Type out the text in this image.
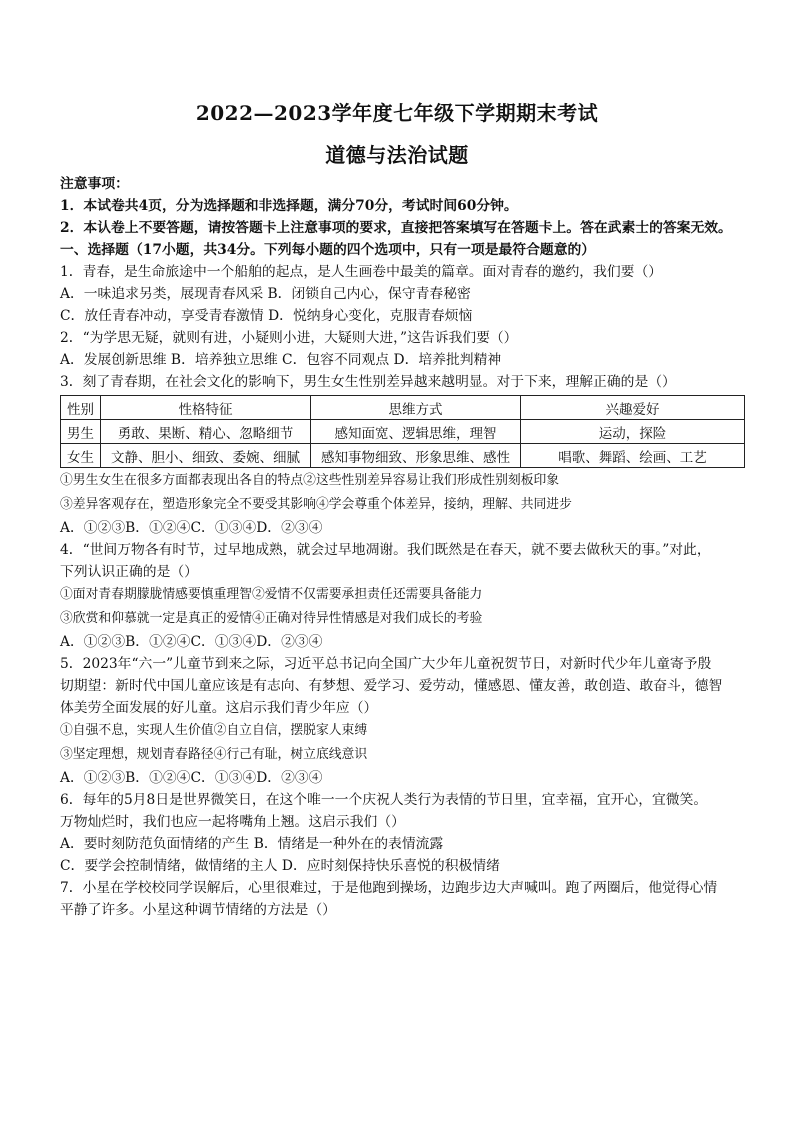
2022—2023学年度七年级下学期期末考试
道德与法治试题
注意事项：
1．本试卷共4页，分为选择题和非选择题，满分70分，考试时间60分钟。
2．本认卷上不要答题，请按答题卡上注意事项的要求，直接把答案填写在答题卡上。答在武素士的答案无效。
一、选择题（17小题，共34分。下列每小题的四个选项中，只有一项是最符合题意的）
1．青春，是生命旅途中一个船舶的起点，是人生画卷中最美的篇章。面对青春的邀约，我们要（）
A．一味追求另类，展现青春风采 B．闭锁自己内心，保守青春秘密
C．放任青春冲动，享受青春激情 D．悦纳身心变化，克服青春烦恼
2．“为学思无疑，就则有进，小疑则小进，大疑则大进，”这告诉我们要（）
A．发展创新思维 B．培养独立思维 C．包容不同观点 D．培养批判精神
3．刻了青春期，在社会文化的影响下，男生女生性别差异越来越明显。对于下来，理解正确的是（）
性别	性格特征	思维方式	兴趣爱好
男生	勇敢、果断、精心、忽略细节	感知面宽、逻辑思维，理智	运动，探险
女生	文静、胆小、细致、委婉、细腻	感知事物细致、形象思维、感性	唱歌、舞蹈、绘画、工艺
①男生女生在很多方面都表现出各自的特点②这些性别差异容易让我们形成性别刻板印象
③差异客观存在，塑造形象完全不要受其影响④学会尊重个体差异，接纳，理解、共同进步
A．①②③B．①②④C．①③④D．②③④
4．“世间万物各有时节，过早地成熟，就会过早地凋谢。我们既然是在春天，就不要去做秋天的事。”对此，
下列认识正确的是（）
①面对青春期朦胧情感要慎重理智②爱情不仅需要承担责任还需要具备能力
③欣赏和仰慕就一定是真正的爱情④正确对待异性情感是对我们成长的考验
A．①②③B．①②④C．①③④D．②③④
5．2023年“六一”儿童节到来之际，习近平总书记向全国广大少年儿童祝贺节日，对新时代少年儿童寄予殷
切期望：新时代中国儿童应该是有志向、有梦想、爱学习、爱劳动，懂感恩、懂友善，敢创造、敢奋斗，德智
体美劳全面发展的好儿童。这启示我们青少年应（）
①自强不息，实现人生价值②自立自信，摆脱家人束缚
③坚定理想，规划青春路径④行己有耻，树立底线意识
A．①②③B．①②④C．①③④D．②③④
6．每年的5月8日是世界微笑日，在这个唯一一个庆祝人类行为表情的节日里，宜幸福，宜开心，宜微笑。
万物灿烂时，我们也应一起将嘴角上翘。这启示我们（）
A．要时刻防范负面情绪的产生 B．情绪是一种外在的表情流露
C．要学会控制情绪，做情绪的主人 D．应时刻保持快乐喜悦的积极情绪
7．小星在学校校同学误解后，心里很难过，于是他跑到操场，边跑步边大声喊叫。跑了两圈后，他觉得心情
平静了许多。小星这种调节情绪的方法是（）
